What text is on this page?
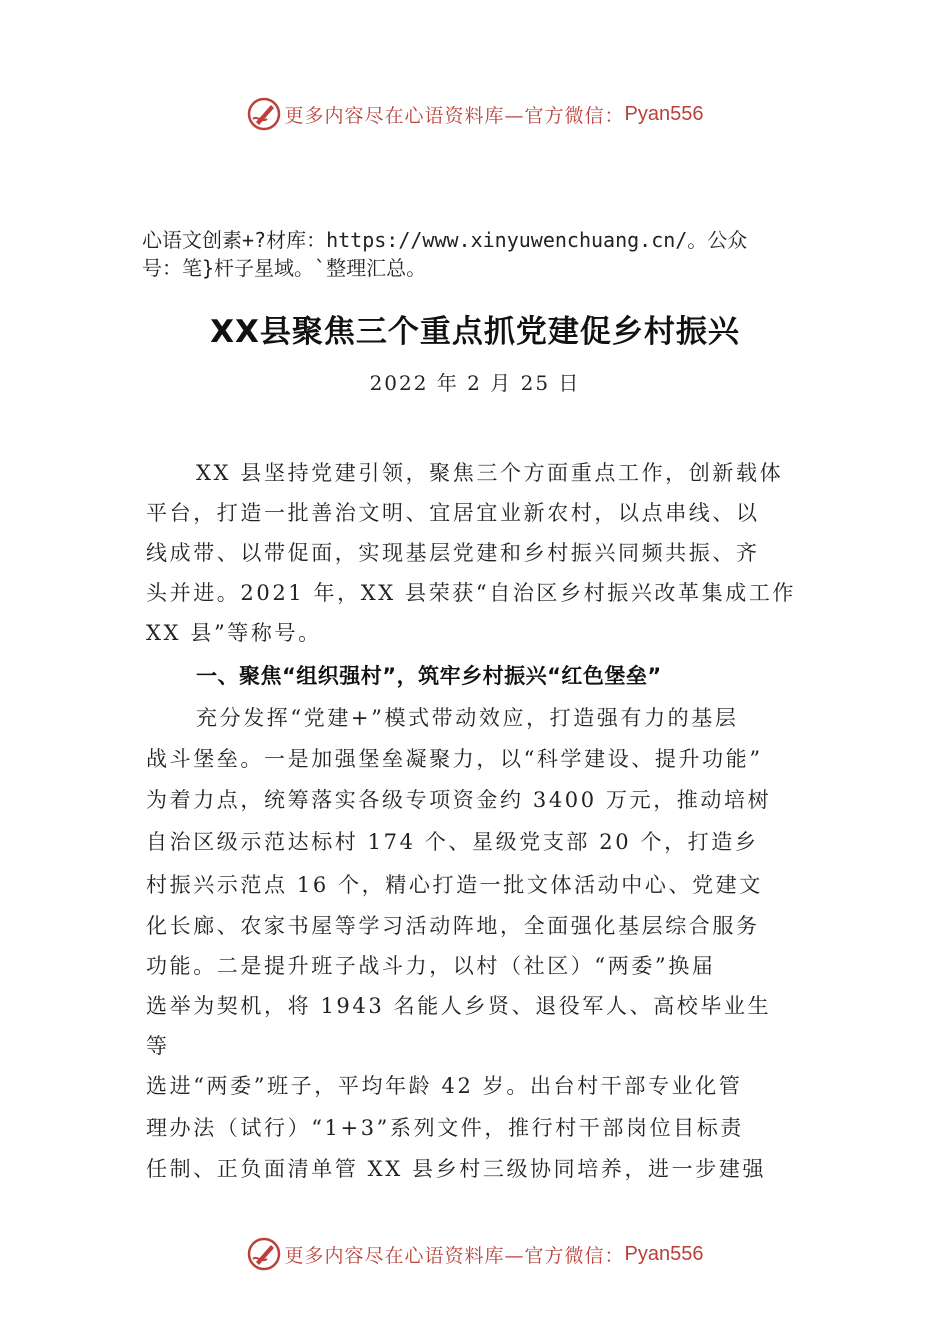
更多内容尽在心语资料库—官方微信： Pyan556
心语文创素+?材库：https://www.xinyuwenchuang.cn/。公众
号：笔}杆子星域。`整理汇总。
XX县聚焦三个重点抓党建促乡村振兴
2022 年 2 月 25 日
XX 县坚持党建引领，聚焦三个方面重点工作，创新载体
平台，打造一批善治文明、宜居宜业新农村，以点串线、以
线成带、以带促面，实现基层党建和乡村振兴同频共振、齐
头并进。2021 年，XX 县荣获“自治区乡村振兴改革集成工作
XX 县”等称号。
一、聚焦“组织强村”，筑牢乡村振兴“红色堡垒”
充分发挥“党建+”模式带动效应，打造强有力的基层
战斗堡垒。一是加强堡垒凝聚力，以“科学建设、提升功能”
为着力点，统筹落实各级专项资金约 3400 万元，推动培树
自治区级示范达标村 174 个、星级党支部 20 个，打造乡
村振兴示范点 16 个，精心打造一批文体活动中心、党建文
化长廊、农家书屋等学习活动阵地，全面强化基层综合服务
功能。二是提升班子战斗力，以村（社区）“两委”换届
选举为契机，将 1943 名能人乡贤、退役军人、高校毕业生
等
选进“两委”班子，平均年龄 42 岁。出台村干部专业化管
理办法（试行）“1+3”系列文件，推行村干部岗位目标责
任制、正负面清单管 XX 县乡村三级协同培养，进一步建强
更多内容尽在心语资料库—官方微信： Pyan556
